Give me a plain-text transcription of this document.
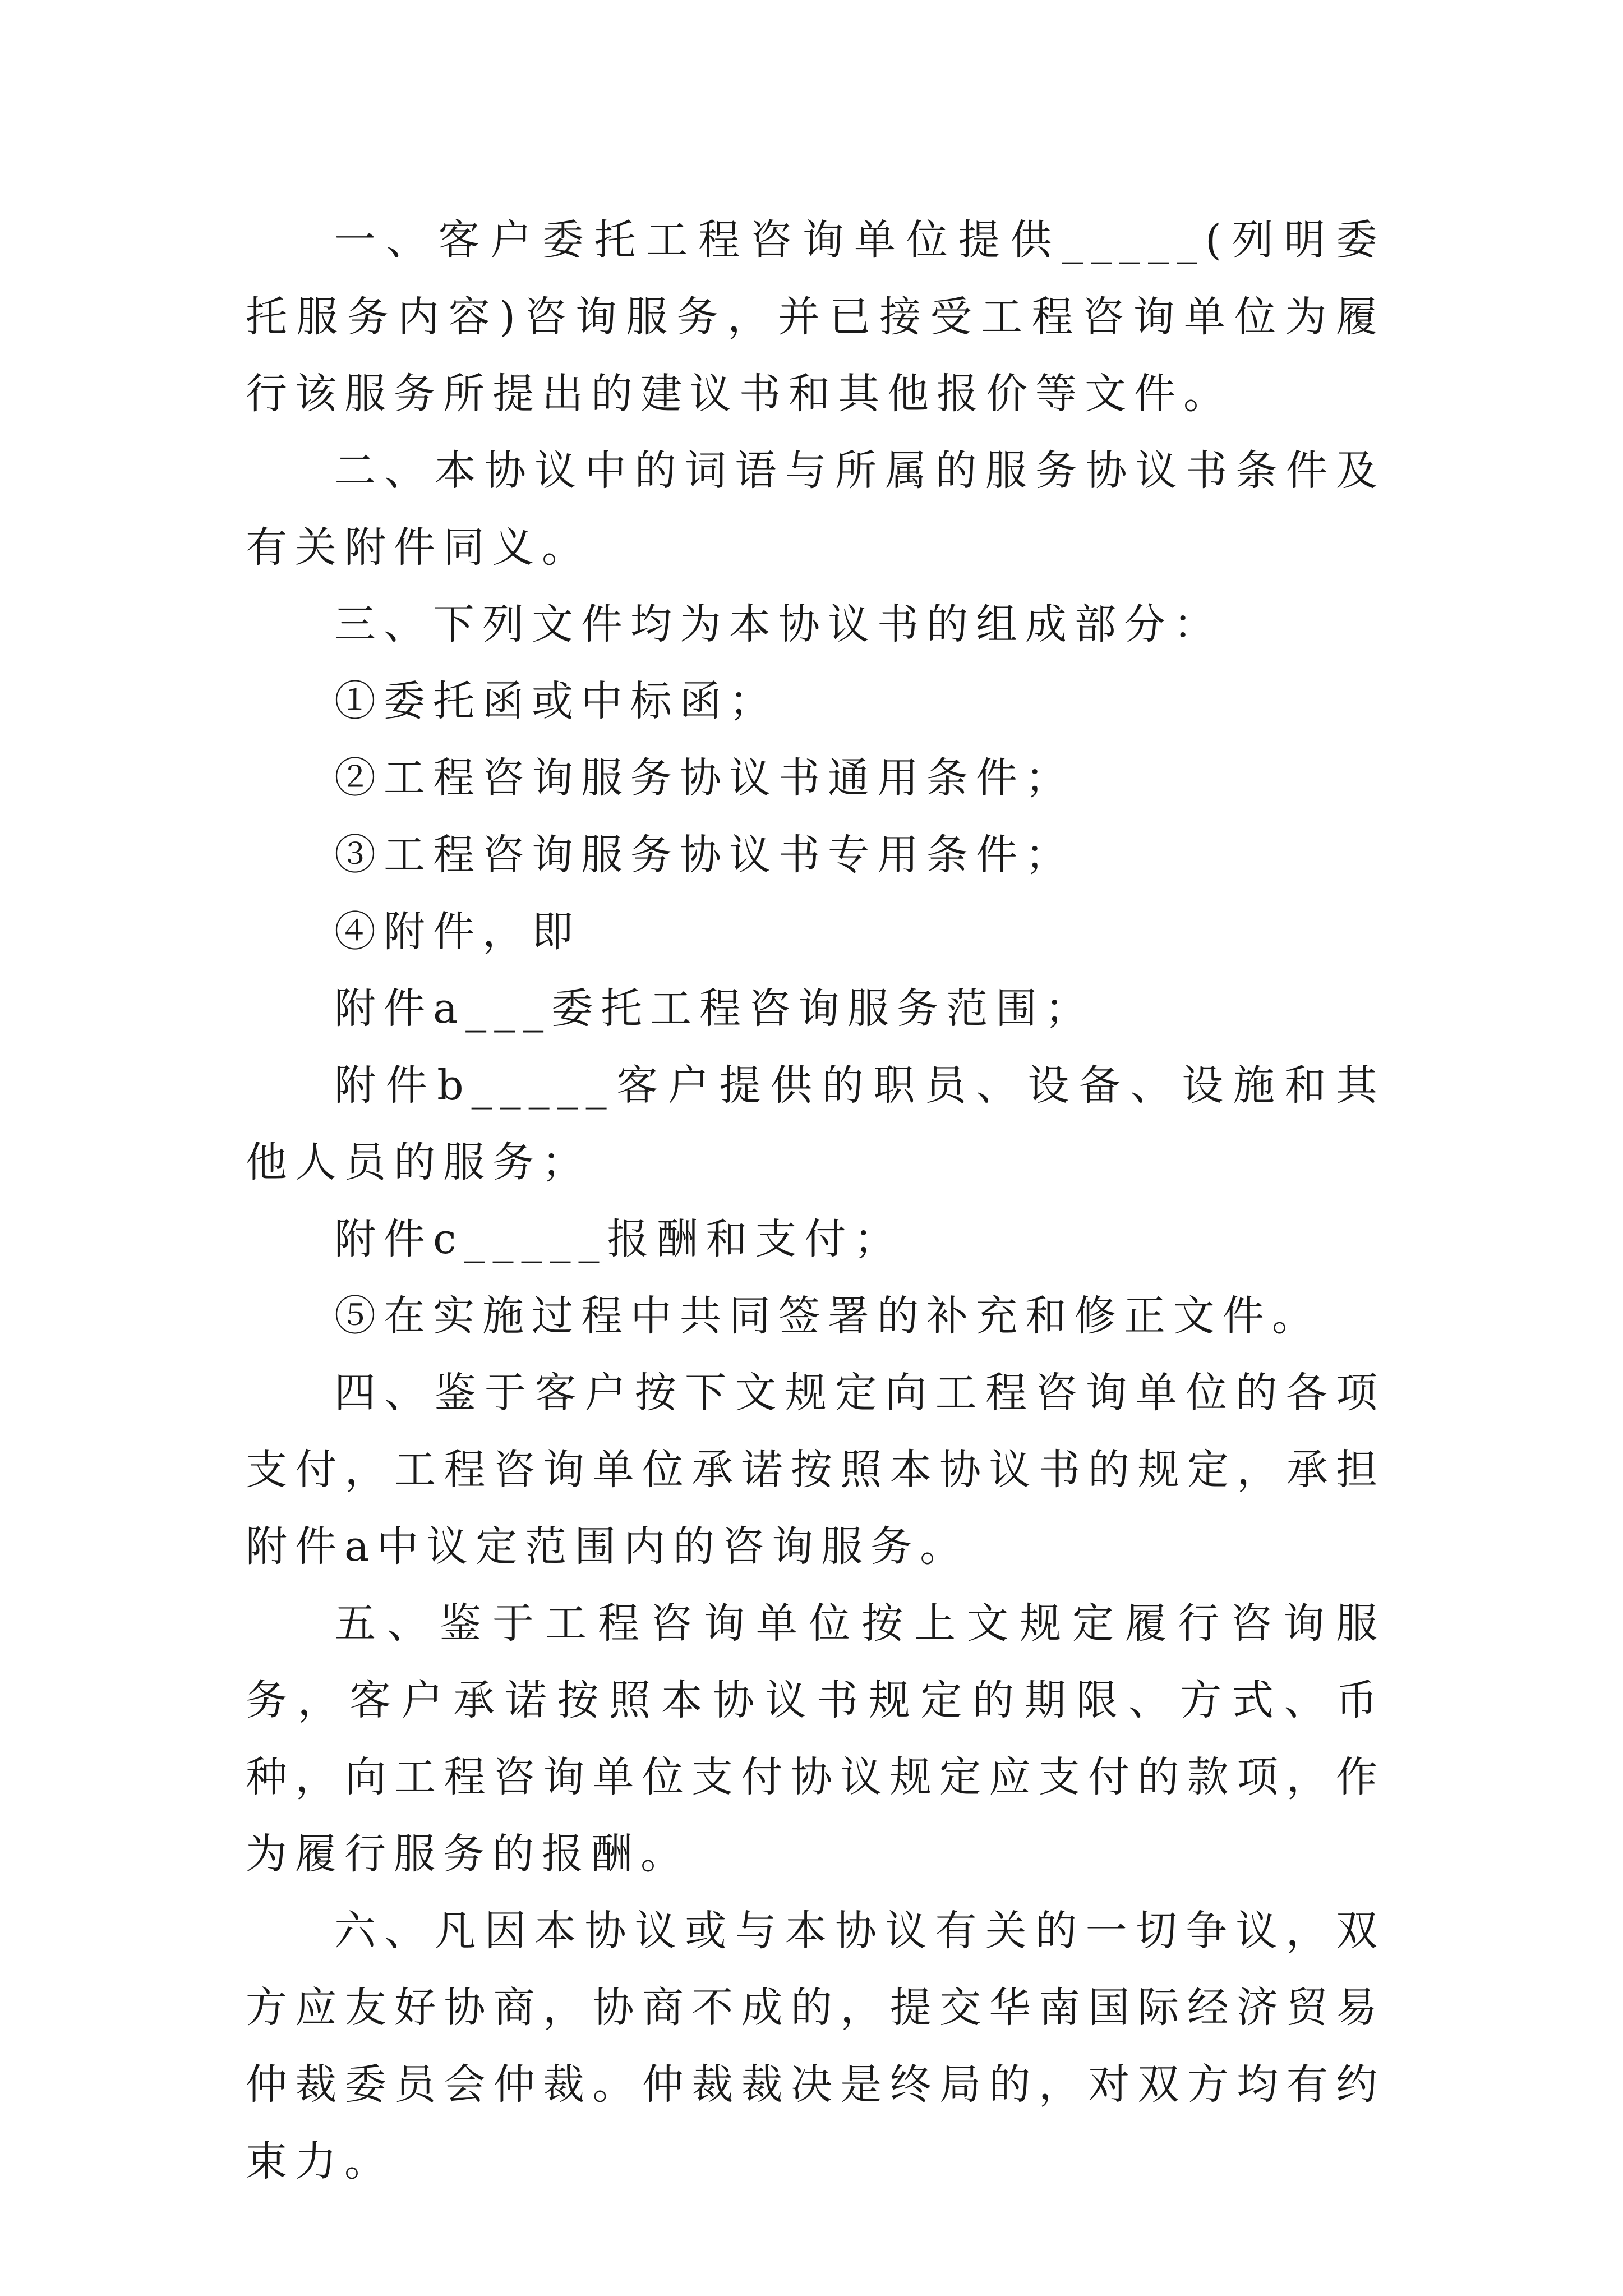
一、客户委托工程咨询单位提供_____(列明委托服务内容)咨询服务，并已接受工程咨询单位为履行该服务所提出的建议书和其他报价等文件。

二、本协议中的词语与所属的服务协议书条件及有关附件同义。

三、下列文件均为本协议书的组成部分：

①委托函或中标函；

②工程咨询服务协议书通用条件；

③工程咨询服务协议书专用条件；

④附件，即

附件a___委托工程咨询服务范围；

附件b_____客户提供的职员、设备、设施和其他人员的服务；

附件c_____报酬和支付；

⑤在实施过程中共同签署的补充和修正文件。

四、鉴于客户按下文规定向工程咨询单位的各项支付，工程咨询单位承诺按照本协议书的规定，承担附件a中议定范围内的咨询服务。

五、鉴于工程咨询单位按上文规定履行咨询服务，客户承诺按照本协议书规定的期限、方式、币种，向工程咨询单位支付协议规定应支付的款项，作为履行服务的报酬。

六、凡因本协议或与本协议有关的一切争议，双方应友好协商，协商不成的，提交华南国际经济贸易仲裁委员会仲裁。仲裁裁决是终局的，对双方均有约束力。
